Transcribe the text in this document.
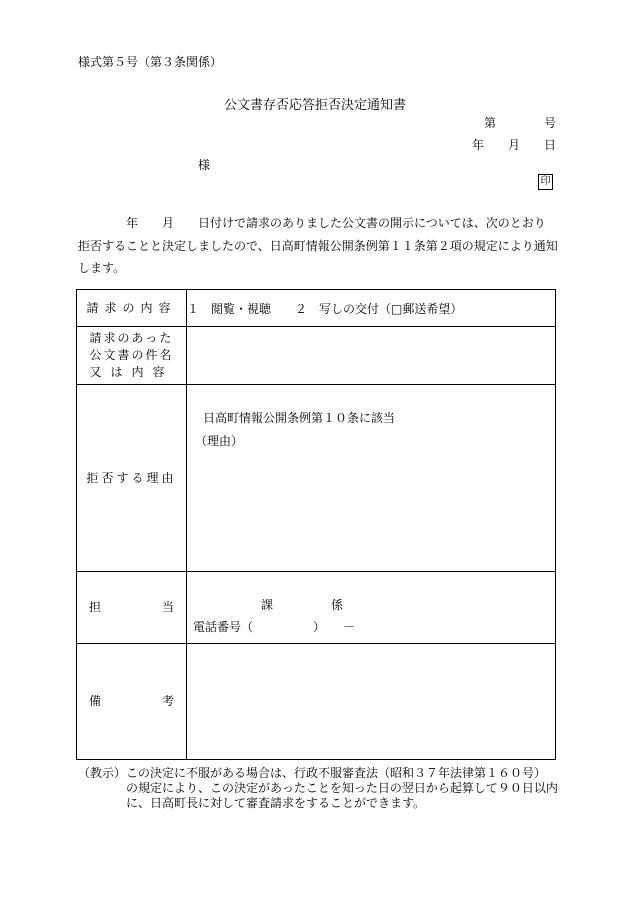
様式第５号（第３条関係）
公文書存否応答拒否決定通知書
第　　　　号
年　　月　　日
様
印

　　　　年　　月　　日付けで請求のありました公文書の開示については、次のとおり

拒否することと決定しましたので、日高町情報公開条例第１１条第２項の規定により通知

します。

請求の内容	１　閲覧・視聴　　２　写しの交付（□郵送希望）

請求のあった
公文書の件名
又は内容	

拒否する理由	日高町情報公開条例第１０条に該当
（理由）

担 当	課 係
電話番号（　　　　　）　　－

備 考	

（教示） この決定に不服がある場合は、行政不服審査法（昭和３７年法律第１６０号）
の規定により、この決定があったことを知った日の翌日から起算して９０日以内
に、日高町長に対して審査請求をすることができます。
